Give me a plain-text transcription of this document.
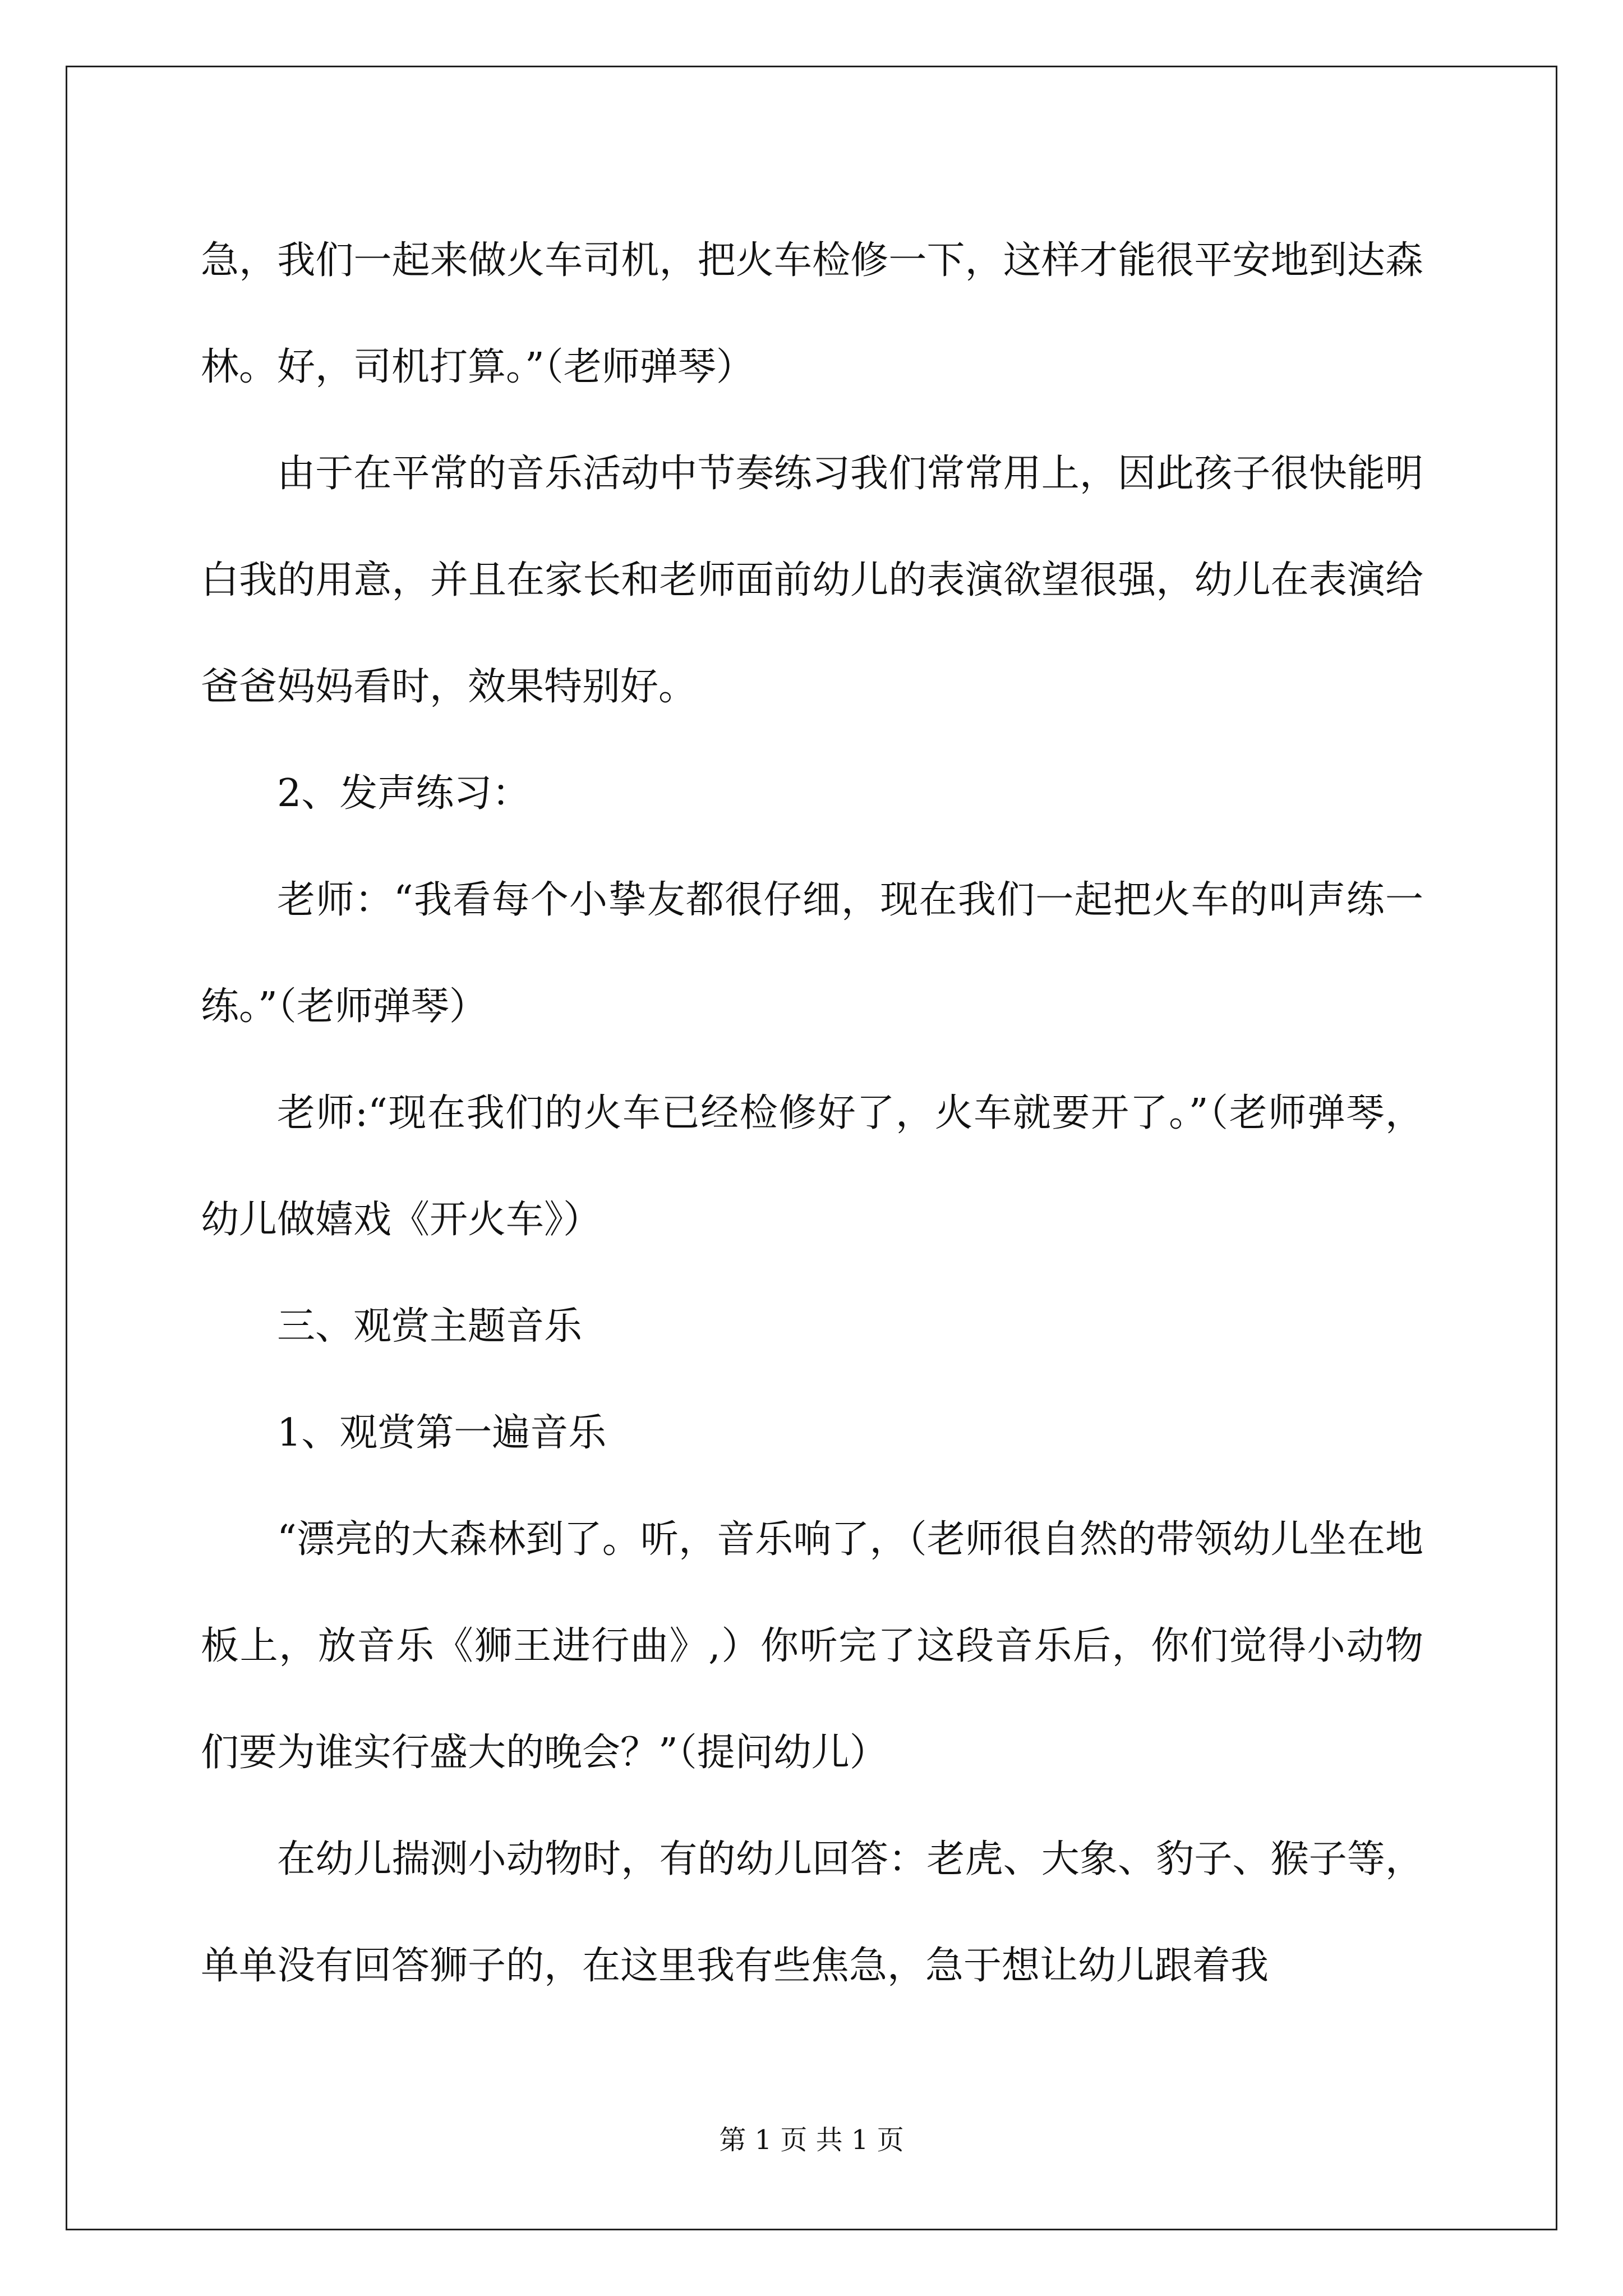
急，我们一起来做火车司机，把火车检修一下，这样才能很平安地到达森林。好，司机打算。”（老师弹琴）

由于在平常的音乐活动中节奏练习我们常常用上，因此孩子很快能明白我的用意，并且在家长和老师面前幼儿的表演欲望很强，幼儿在表演给爸爸妈妈看时，效果特别好。

2、发声练习：

老师：“我看每个小挚友都很仔细，现在我们一起把火车的叫声练一练。”（老师弹琴）

老师:“现在我们的火车已经检修好了，火车就要开了。”（老师弹琴，幼儿做嬉戏《开火车》）

三、观赏主题音乐

1、观赏第一遍音乐

“漂亮的大森林到了。听，音乐响了，（老师很自然的带领幼儿坐在地板上，放音乐《狮王进行曲》,）你听完了这段音乐后，你们觉得小动物们要为谁实行盛大的晚会？”（提问幼儿）

在幼儿揣测小动物时，有的幼儿回答：老虎、大象、豹子、猴子等，单单没有回答狮子的，在这里我有些焦急，急于想让幼儿跟着我

第 1 页 共 1 页
